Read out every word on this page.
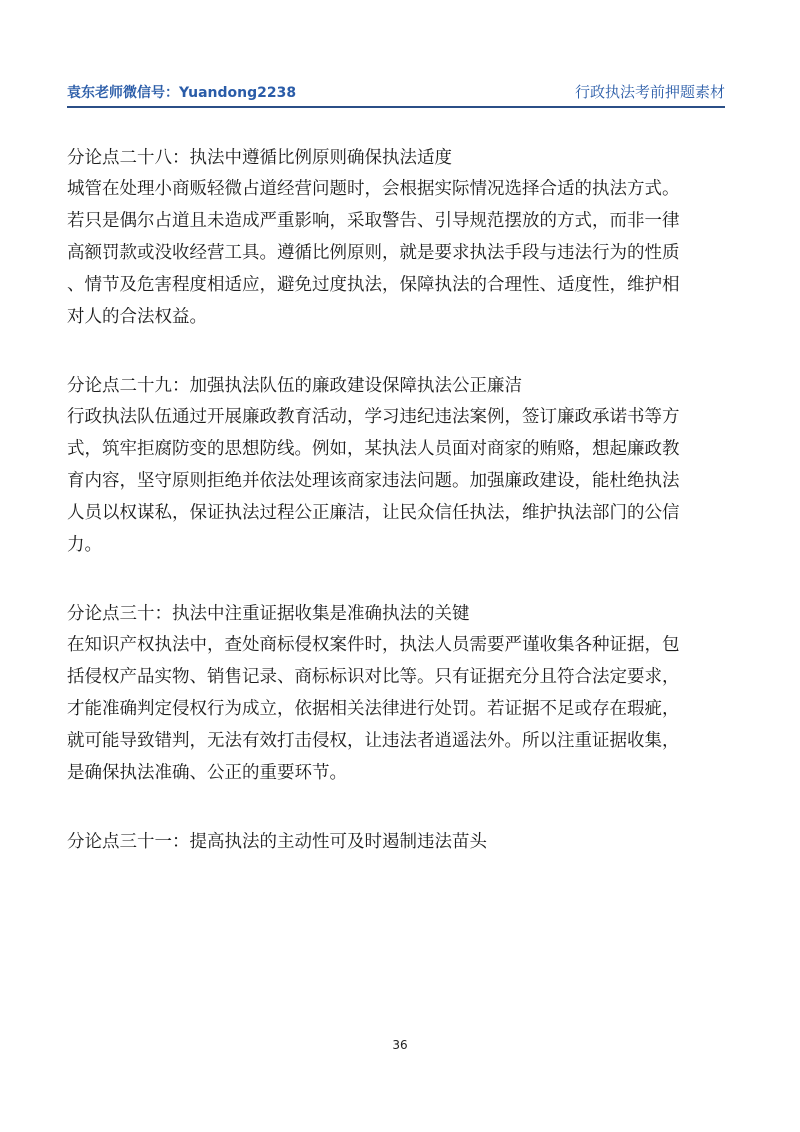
袁东老师微信号：Yuandong2238	行政执法考前押题素材
分论点二十八：执法中遵循比例原则确保执法适度
城管在处理小商贩轻微占道经营问题时，会根据实际情况选择合适的执法方式。
若只是偶尔占道且未造成严重影响，采取警告、引导规范摆放的方式，而非一律
高额罚款或没收经营工具。遵循比例原则，就是要求执法手段与违法行为的性质
、情节及危害程度相适应，避免过度执法，保障执法的合理性、适度性，维护相
对人的合法权益。
分论点二十九：加强执法队伍的廉政建设保障执法公正廉洁
行政执法队伍通过开展廉政教育活动，学习违纪违法案例，签订廉政承诺书等方
式，筑牢拒腐防变的思想防线。例如，某执法人员面对商家的贿赂，想起廉政教
育内容，坚守原则拒绝并依法处理该商家违法问题。加强廉政建设，能杜绝执法
人员以权谋私，保证执法过程公正廉洁，让民众信任执法，维护执法部门的公信
力。
分论点三十：执法中注重证据收集是准确执法的关键
在知识产权执法中，查处商标侵权案件时，执法人员需要严谨收集各种证据，包
括侵权产品实物、销售记录、商标标识对比等。只有证据充分且符合法定要求，
才能准确判定侵权行为成立，依据相关法律进行处罚。若证据不足或存在瑕疵，
就可能导致错判，无法有效打击侵权，让违法者逍遥法外。所以注重证据收集，
是确保执法准确、公正的重要环节。
分论点三十一：提高执法的主动性可及时遏制违法苗头
36
